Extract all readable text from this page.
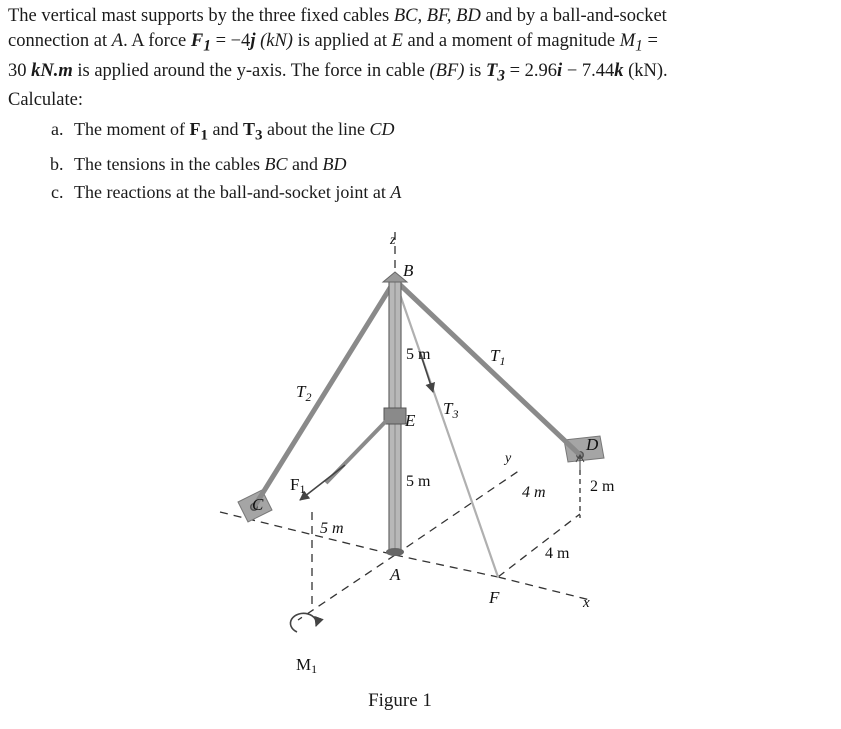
The vertical mast supports by the three fixed cables BC, BF, BD and by a ball-and-socket

connection at A. A force $F_1 = -4j$ (kN) is applied at E and a moment of magnitude $M_1$ =

30 kN.m is applied around the y-axis. The force in cable (BF) is $T_3 = 2.96i - 7.44k$ (kN).

Calculate:

a. The moment of $F_1$ and $T_3$ about the line CD
b. The tensions in the cables BC and BD
c. The reactions at the ball-and-socket joint at A
z
B
5 m	$T_1$
$T_2$
$T_3$
E
D
y
5 m
4 m	2 m
F1
C
5 m
4 m
A
F	x
M1
Figure 1
